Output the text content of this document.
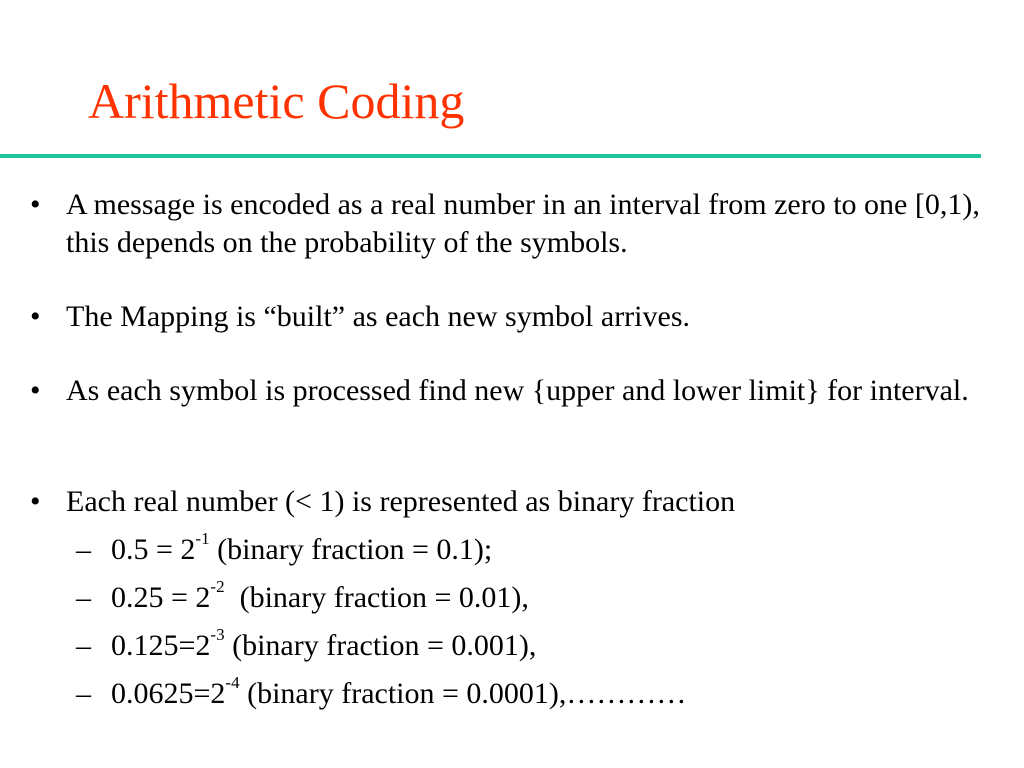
Arithmetic Coding
• A message is encoded as a real number in an interval from zero to one [0,1), this depends on the probability of the symbols.
• The Mapping is “built” as each new symbol arrives.
• As each symbol is processed find new {upper and lower limit} for interval.
• Each real number (< 1) is represented as binary fraction
– $0.5 = 2^{-1}$ (binary fraction = 0.1);
– $0.25 = 2^{-2}$  (binary fraction = 0.01),
– $0.125=2^{-3}$ (binary fraction = 0.001),
– $0.0625=2^{-4}$ (binary fraction = 0.0001),…………
